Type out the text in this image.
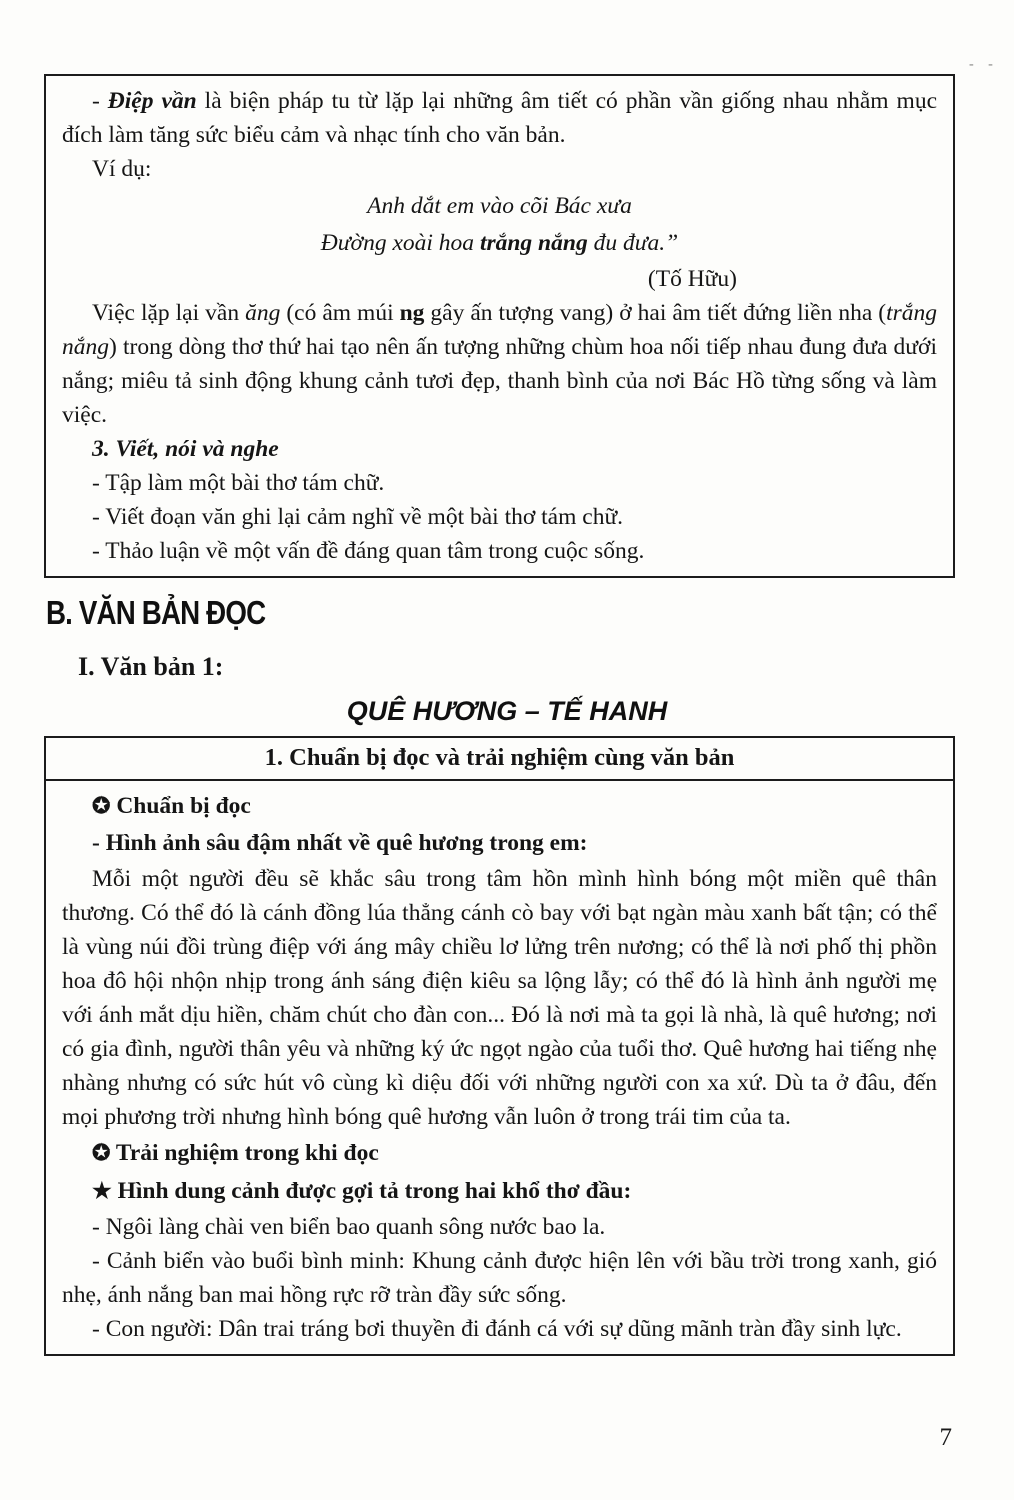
- -

- Điệp vần là biện pháp tu từ lặp lại những âm tiết có phần vần giống nhau nhằm mục đích làm tăng sức biểu cảm và nhạc tính cho văn bản.

Ví dụ:

Anh dắt em vào cõi Bác xưa

Đường xoài hoa trắng nắng đu đưa.”

(Tố Hữu)

Việc lặp lại vần ăng (có âm múi ng gây ấn tượng vang) ở hai âm tiết đứng liền nha (trắng nắng) trong dòng thơ thứ hai tạo nên ấn tượng những chùm hoa nối tiếp nhau đung đưa dưới nắng; miêu tả sinh động khung cảnh tươi đẹp, thanh bình của nơi Bác Hồ từng sống và làm việc.

3. Viết, nói và nghe

- Tập làm một bài thơ tám chữ.

- Viết đoạn văn ghi lại cảm nghĩ về một bài thơ tám chữ.

- Thảo luận về một vấn đề đáng quan tâm trong cuộc sống.

B. VĂN BẢN ĐỌC
I. Văn bản 1:
QUÊ HƯƠNG – TẾ HANH
1. Chuẩn bị đọc và trải nghiệm cùng văn bản

✪ Chuẩn bị đọc

- Hình ảnh sâu đậm nhất về quê hương trong em:

Mỗi một người đều sẽ khắc sâu trong tâm hồn mình hình bóng một miền quê thân thương. Có thể đó là cánh đồng lúa thẳng cánh cò bay với bạt ngàn màu xanh bất tận; có thể là vùng núi đồi trùng điệp với áng mây chiều lơ lửng trên nương; có thể là nơi phố thị phồn hoa đô hội nhộn nhịp trong ánh sáng điện kiêu sa lộng lẫy; có thể đó là hình ảnh người mẹ với ánh mắt dịu hiền, chăm chút cho đàn con... Đó là nơi mà ta gọi là nhà, là quê hương; nơi có gia đình, người thân yêu và những ký ức ngọt ngào của tuổi thơ. Quê hương hai tiếng nhẹ nhàng nhưng có sức hút vô cùng kì diệu đối với những người con xa xứ. Dù ta ở đâu, đến mọi phương trời nhưng hình bóng quê hương vẫn luôn ở trong trái tim của ta.

✪ Trải nghiệm trong khi đọc

★ Hình dung cảnh được gợi tả trong hai khổ thơ đầu:

- Ngôi làng chài ven biển bao quanh sông nước bao la.

- Cảnh biển vào buổi bình minh: Khung cảnh được hiện lên với bầu trời trong xanh, gió nhẹ, ánh nắng ban mai hồng rực rỡ tràn đầy sức sống.

- Con người: Dân trai tráng bơi thuyền đi đánh cá với sự dũng mãnh tràn đầy sinh lực.

7
